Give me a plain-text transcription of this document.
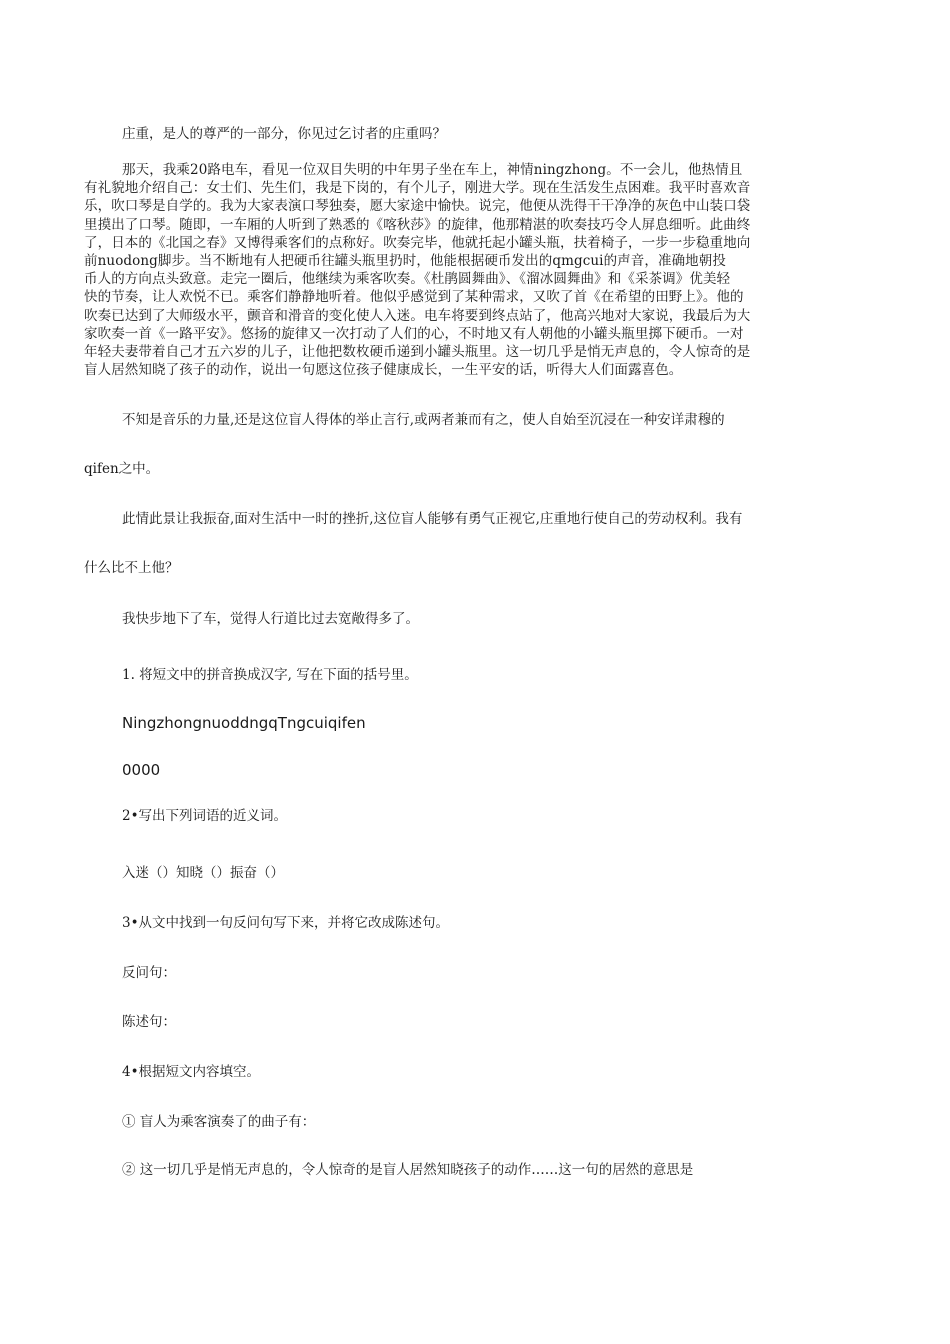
庄重，是人的尊严的一部分，你见过乞讨者的庄重吗？

那天，我乘20路电车，看见一位双目失明的中年男子坐在车上，神情ningzhong。不一会儿，他热情且
有礼貌地介绍自己：女士们、先生们，我是下岗的，有个儿子，刚进大学。现在生活发生点困难。我平时喜欢音
乐，吹口琴是自学的。我为大家表演口琴独奏，愿大家途中愉快。说完，他便从洗得干干净净的灰色中山装口袋
里摸出了口琴。随即，一车厢的人听到了熟悉的《喀秋莎》的旋律，他那精湛的吹奏技巧令人屏息细听。此曲终
了，日本的《北国之春》又博得乘客们的点称好。吹奏完毕，他就托起小罐头瓶，扶着椅子，一步一步稳重地向
前nuodong脚步。当不断地有人把硬币往罐头瓶里扔时，他能根据硬币发出的qmgcui的声音，准确地朝投
币人的方向点头致意。走完一圈后，他继续为乘客吹奏。《杜鹃圆舞曲》、《溜冰圆舞曲》和《采茶调》优美轻
快的节奏，让人欢悦不已。乘客们静静地听着。他似乎感觉到了某种需求，又吹了首《在希望的田野上》。他的
吹奏已达到了大师级水平，颤音和滑音的变化使人入迷。电车将要到终点站了，他高兴地对大家说，我最后为大
家吹奏一首《一路平安》。悠扬的旋律又一次打动了人们的心，不时地又有人朝他的小罐头瓶里掷下硬币。一对
年轻夫妻带着自己才五六岁的儿子，让他把数枚硬币递到小罐头瓶里。这一切几乎是悄无声息的，令人惊奇的是
盲人居然知晓了孩子的动作，说出一句愿这位孩子健康成长，一生平安的话，听得大人们面露喜色。

不知是音乐的力量,还是这位盲人得体的举止言行,或两者兼而有之，使人自始至沉浸在一种安详肃穆的

qifen之中。

此情此景让我振奋,面对生活中一时的挫折,这位盲人能够有勇气正视它,庄重地行使自己的劳动权利。我有

什么比不上他？

我快步地下了车，觉得人行道比过去宽敞得多了。

1. 将短文中的拼音换成汉字, 写在下面的括号里。

NingzhongnuoddngqTngcuiqifen

0000

2•写出下列词语的近义词。

入迷（）知晓（）振奋（）

3•从文中找到一句反问句写下来，并将它改成陈述句。

反问句：

陈述句：

4•根据短文内容填空。

① 盲人为乘客演奏了的曲子有：

② 这一切几乎是悄无声息的，令人惊奇的是盲人居然知晓孩子的动作……这一句的居然的意思是
